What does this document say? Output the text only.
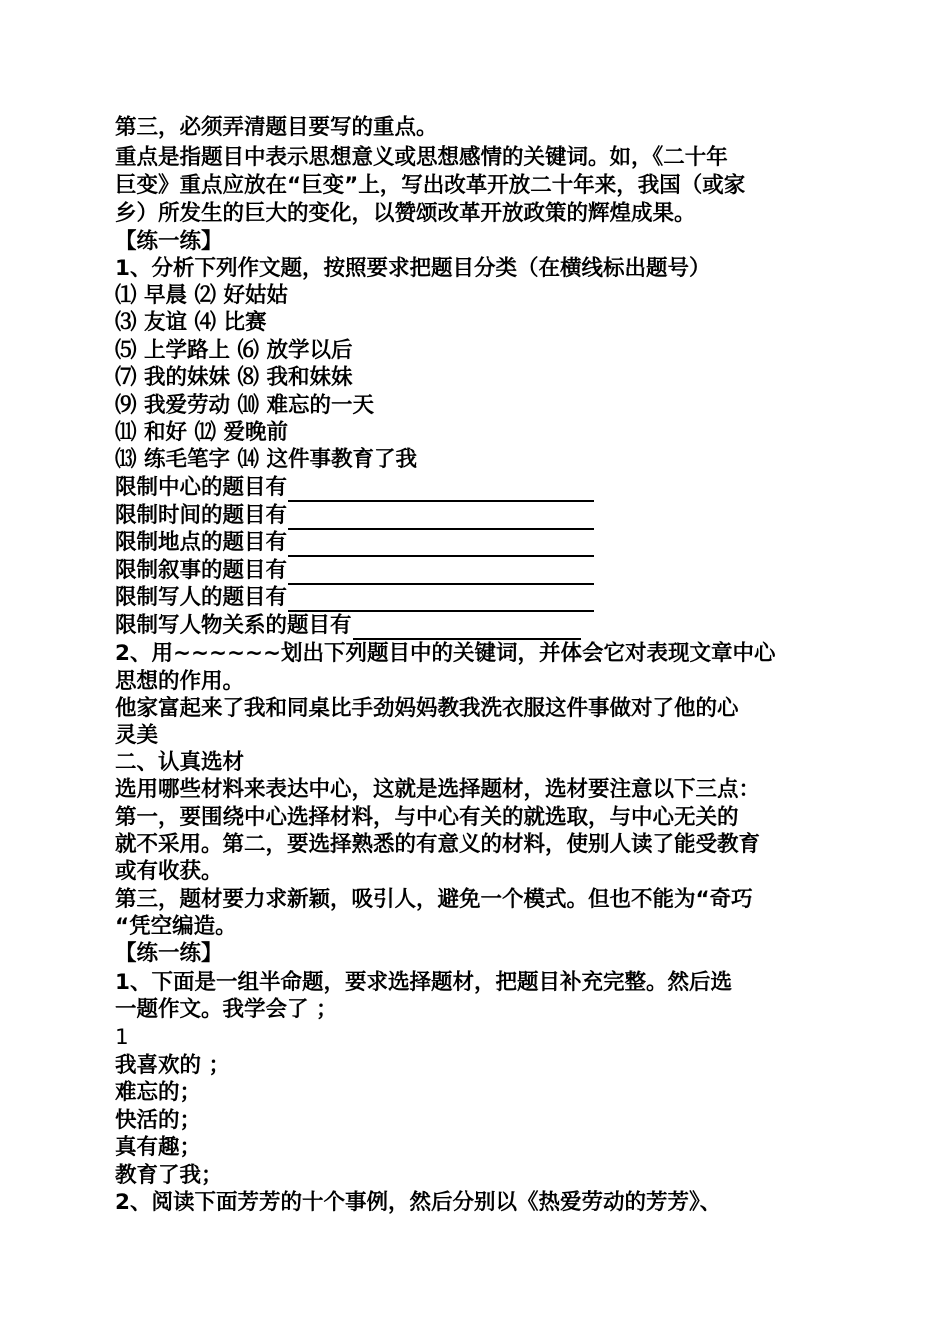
第三，必须弄清题目要写的重点。
重点是指题目中表示思想意义或思想感情的关键词。如，《二十年
巨变》重点应放在“巨变”上，写出改革开放二十年来，我国（或家
乡）所发生的巨大的变化，以赞颂改革开放政策的辉煌成果。
【练一练】
1、分析下列作文题，按照要求把题目分类（在横线标出题号）
⑴ 早晨 ⑵ 好姑姑
⑶ 友谊 ⑷ 比赛
⑸ 上学路上 ⑹ 放学以后
⑺ 我的妹妹 ⑻ 我和妹妹
⑼ 我爱劳动 ⑽ 难忘的一天
⑾ 和好 ⑿ 爱晚前
⒀ 练毛笔字 ⒁ 这件事教育了我
限制中心的题目有
限制时间的题目有
限制地点的题目有
限制叙事的题目有
限制写人的题目有
限制写人物关系的题目有
2、用~~~~~~划出下列题目中的关键词，并体会它对表现文章中心
思想的作用。
他家富起来了我和同桌比手劲妈妈教我洗衣服这件事做对了他的心
灵美
二、认真选材
选用哪些材料来表达中心，这就是选择题材，选材要注意以下三点：
第一，要围绕中心选择材料，与中心有关的就选取，与中心无关的
就不采用。第二，要选择熟悉的有意义的材料，使别人读了能受教育
或有收获。
第三，题材要力求新颖，吸引人，避免一个模式。但也不能为“奇巧
“凭空编造。
【练一练】
1、下面是一组半命题，要求选择题材，把题目补充完整。然后选
一题作文。我学会了 ；
1
我喜欢的 ；
难忘的；
快活的；
真有趣；
教育了我；
2、阅读下面芳芳的十个事例，然后分别以《热爱劳动的芳芳》、
